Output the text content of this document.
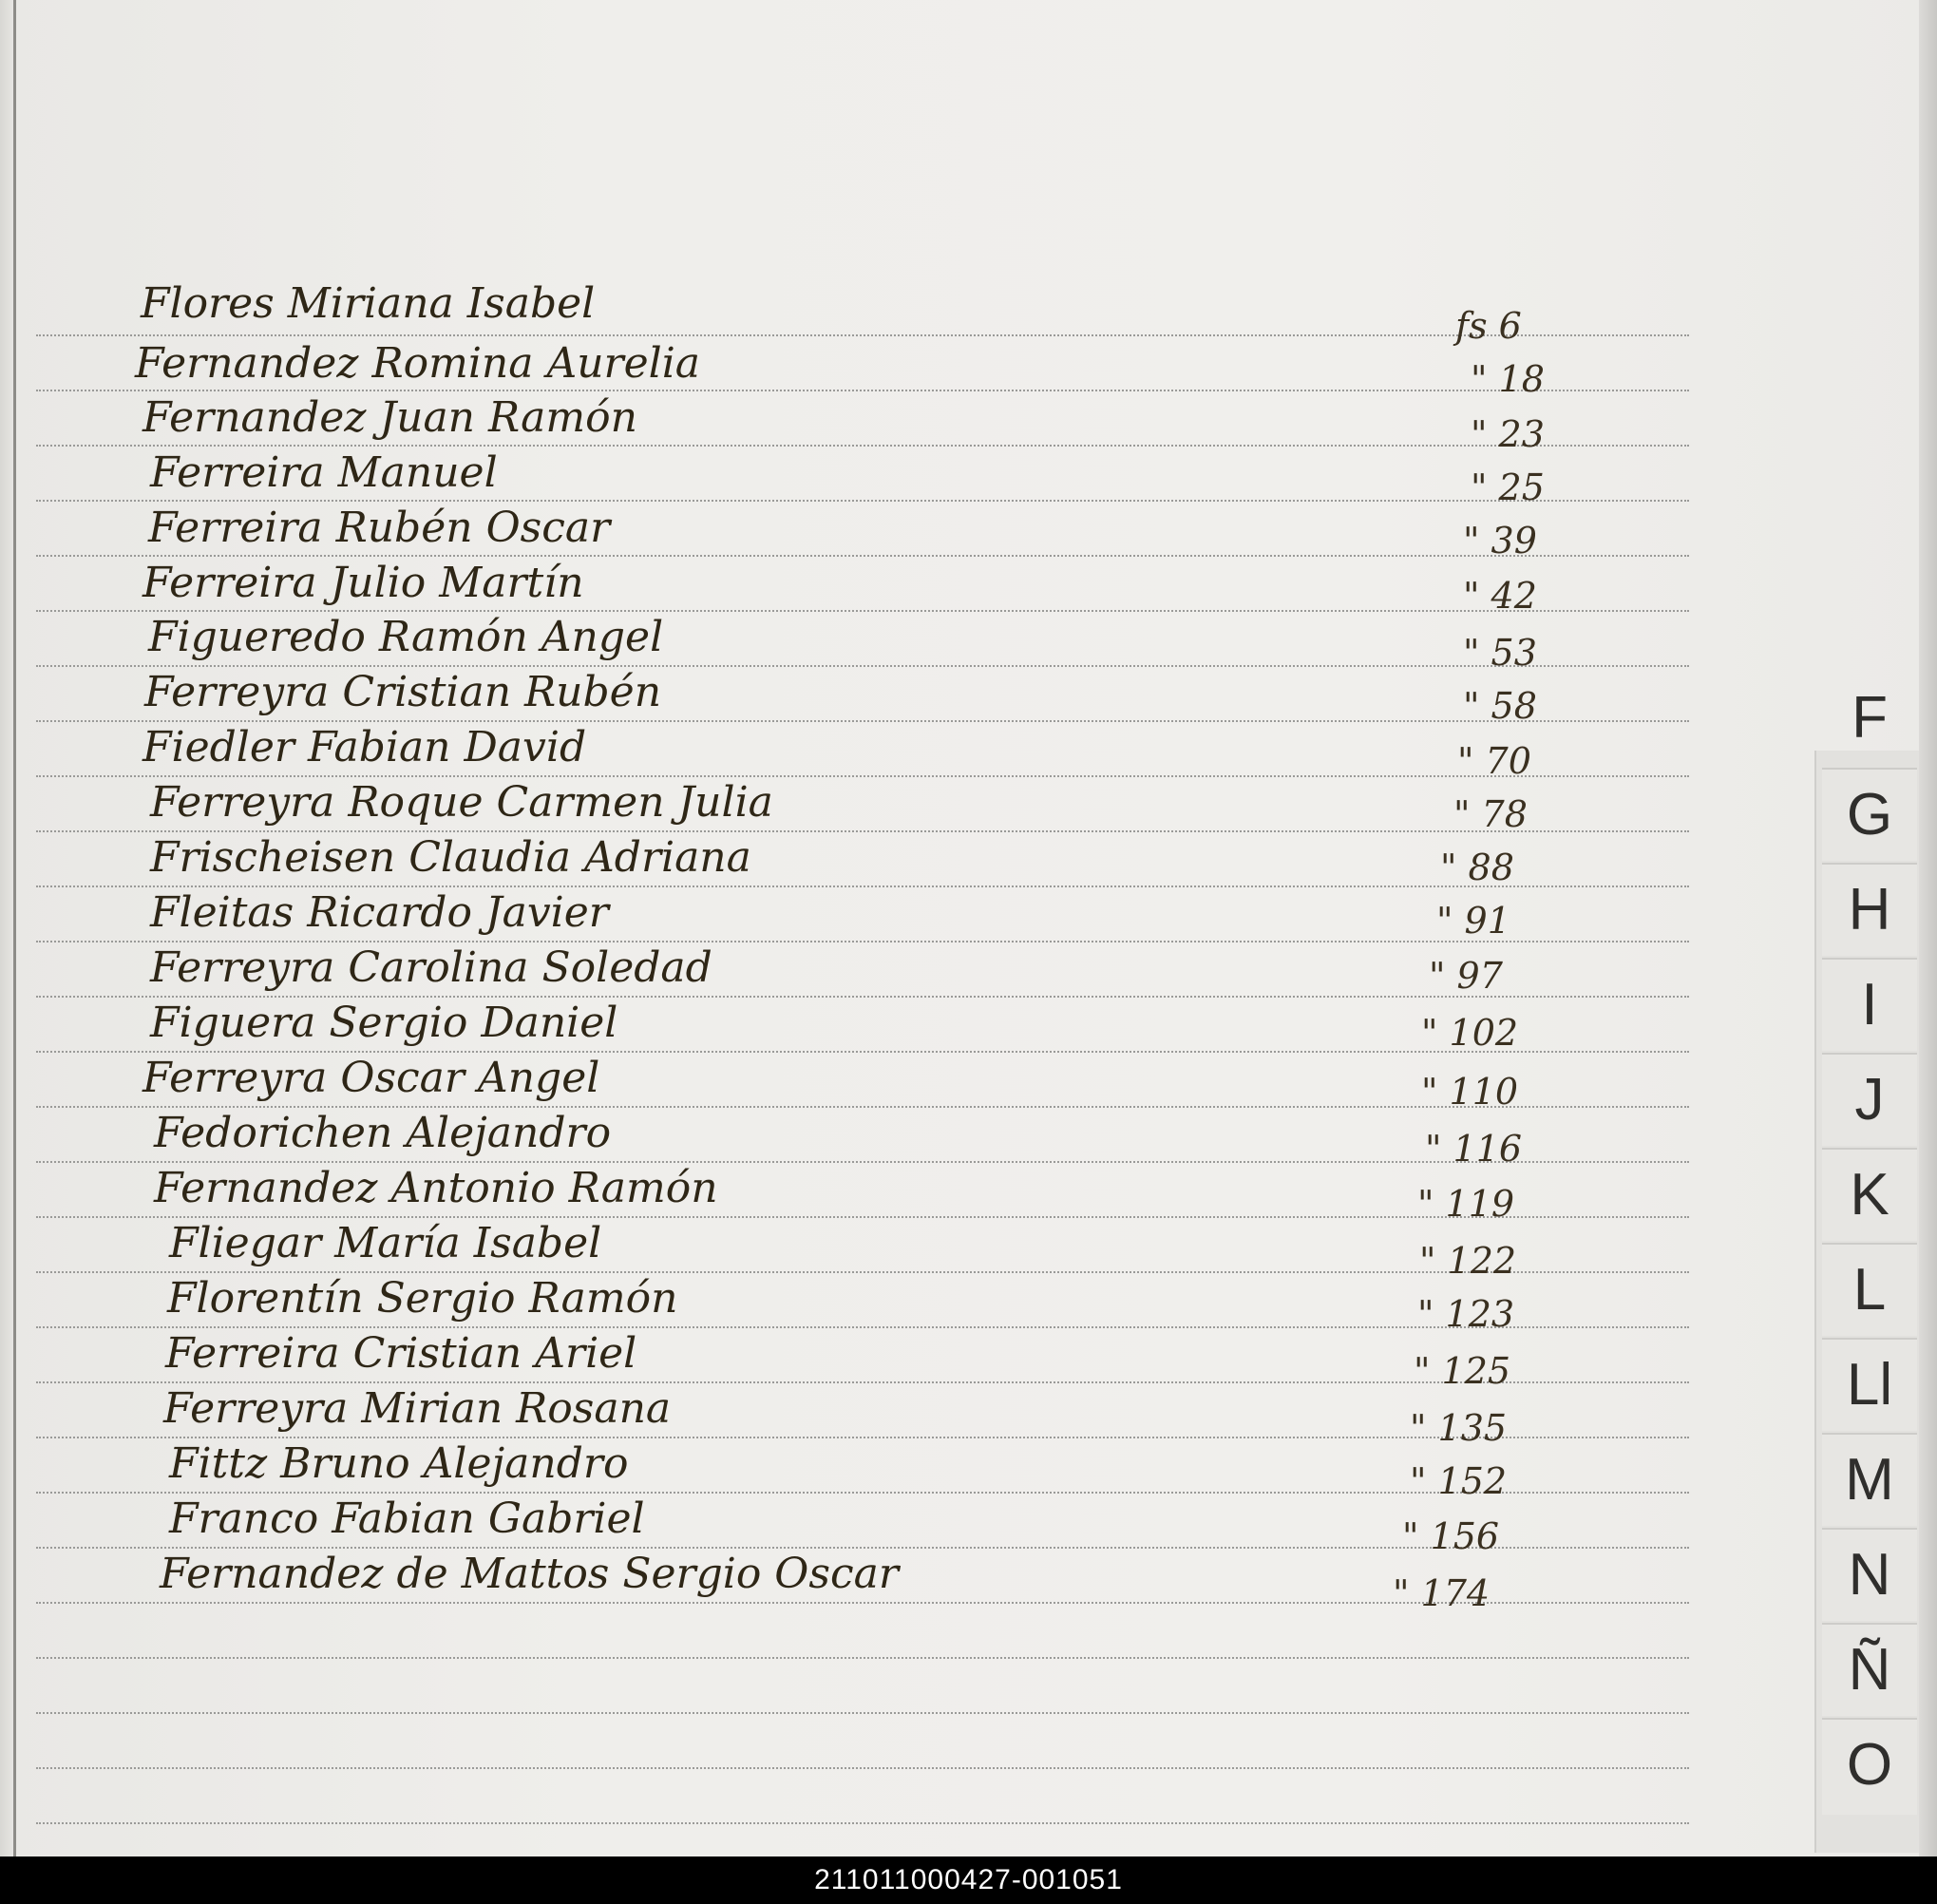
Flores Miriana Isabel	fs 6
Fernandez Romina Aurelia	" 18
Fernandez Juan Ramón	" 23
Ferreira Manuel	" 25
Ferreira Rubén Oscar	" 39
Ferreira Julio Martín	" 42
Figueredo Ramón Angel	" 53
Ferreyra Cristian Rubén	" 58
Fiedler Fabian David	" 70
Ferreyra Roque Carmen Julia	" 78
Frischeisen Claudia Adriana	" 88
Fleitas Ricardo Javier	" 91
Ferreyra Carolina Soledad	" 97
Figuera Sergio Daniel	" 102
Ferreyra Oscar Angel	" 110
Fedorichen Alejandro	" 116
Fernandez Antonio Ramón	" 119
Fliegar María Isabel	" 122
Florentín Sergio Ramón	" 123
Ferreira Cristian Ariel	" 125
Ferreyra Mirian Rosana	" 135
Fittz Bruno Alejandro	" 152
Franco Fabian Gabriel	" 156
Fernandez de Mattos Sergio Oscar	" 174
F
G
H
I
J
K
L
Ll
M
N
Ñ
O
211011000427-001051
